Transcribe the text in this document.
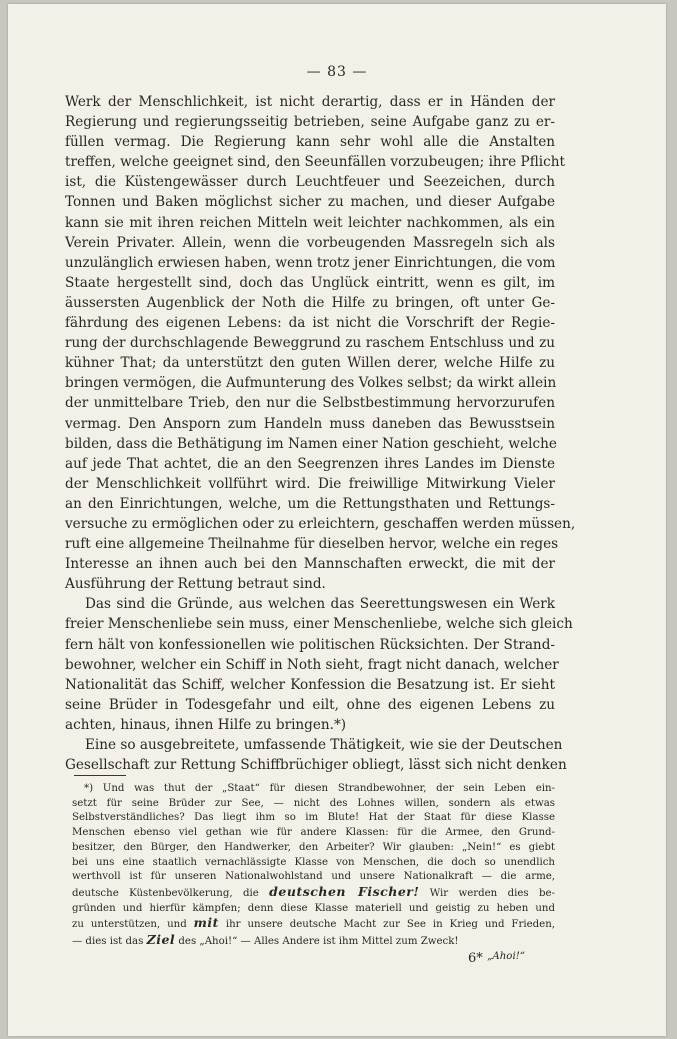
— 83 —
Werk der Menschlichkeit, ist nicht derartig, dass er in Händen der
Regierung und regierungsseitig betrieben, seine Aufgabe ganz zu er-
füllen vermag. Die Regierung kann sehr wohl alle die Anstalten
treffen, welche geeignet sind, den Seeunfällen vorzubeugen; ihre Pflicht
ist, die Küstengewässer durch Leuchtfeuer und Seezeichen, durch
Tonnen und Baken möglichst sicher zu machen, und dieser Aufgabe
kann sie mit ihren reichen Mitteln weit leichter nachkommen, als ein
Verein Privater. Allein, wenn die vorbeugenden Massregeln sich als
unzulänglich erwiesen haben, wenn trotz jener Einrichtungen, die vom
Staate hergestellt sind, doch das Unglück eintritt, wenn es gilt, im
äussersten Augenblick der Noth die Hilfe zu bringen, oft unter Ge-
fährdung des eigenen Lebens: da ist nicht die Vorschrift der Regie-
rung der durchschlagende Beweggrund zu raschem Entschluss und zu
kühner That; da unterstützt den guten Willen derer, welche Hilfe zu
bringen vermögen, die Aufmunterung des Volkes selbst; da wirkt allein
der unmittelbare Trieb, den nur die Selbstbestimmung hervorzurufen
vermag. Den Ansporn zum Handeln muss daneben das Bewusstsein
bilden, dass die Bethätigung im Namen einer Nation geschieht, welche
auf jede That achtet, die an den Seegrenzen ihres Landes im Dienste
der Menschlichkeit vollführt wird. Die freiwillige Mitwirkung Vieler
an den Einrichtungen, welche, um die Rettungsthaten und Rettungs-
versuche zu ermöglichen oder zu erleichtern, geschaffen werden müssen,
ruft eine allgemeine Theilnahme für dieselben hervor, welche ein reges
Interesse an ihnen auch bei den Mannschaften erweckt, die mit der
Ausführung der Rettung betraut sind.
Das sind die Gründe, aus welchen das Seerettungswesen ein Werk
freier Menschenliebe sein muss, einer Menschenliebe, welche sich gleich
fern hält von konfessionellen wie politischen Rücksichten. Der Strand-
bewohner, welcher ein Schiff in Noth sieht, fragt nicht danach, welcher
Nationalität das Schiff, welcher Konfession die Besatzung ist. Er sieht
seine Brüder in Todesgefahr und eilt, ohne des eigenen Lebens zu
achten, hinaus, ihnen Hilfe zu bringen.*)
Eine so ausgebreitete, umfassende Thätigkeit, wie sie der Deutschen
Gesellschaft zur Rettung Schiffbrüchiger obliegt, lässt sich nicht denken
*) Und was thut der „Staat“ für diesen Strandbewohner, der sein Leben ein-
setzt für seine Brüder zur See, — nicht des Lohnes willen, sondern als etwas
Selbstverständliches? Das liegt ihm so im Blute! Hat der Staat für diese Klasse
Menschen ebenso viel gethan wie für andere Klassen: für die Armee, den Grund-
besitzer, den Bürger, den Handwerker, den Arbeiter? Wir glauben: „Nein!“ es giebt
bei uns eine staatlich vernachlässigte Klasse von Menschen, die doch so unendlich
werthvoll ist für unseren Nationalwohlstand und unsere Nationalkraft — die arme,
deutsche Küstenbevölkerung, die deutschen Fischer! Wir werden dies be-
gründen und hierfür kämpfen; denn diese Klasse materiell und geistig zu heben und
zu unterstützen, und mit ihr unsere deutsche Macht zur See in Krieg und Frieden,
— dies ist das Ziel des „Ahoi!“ — Alles Andere ist ihm Mittel zum Zweck!
„Ahoi!“
6*
